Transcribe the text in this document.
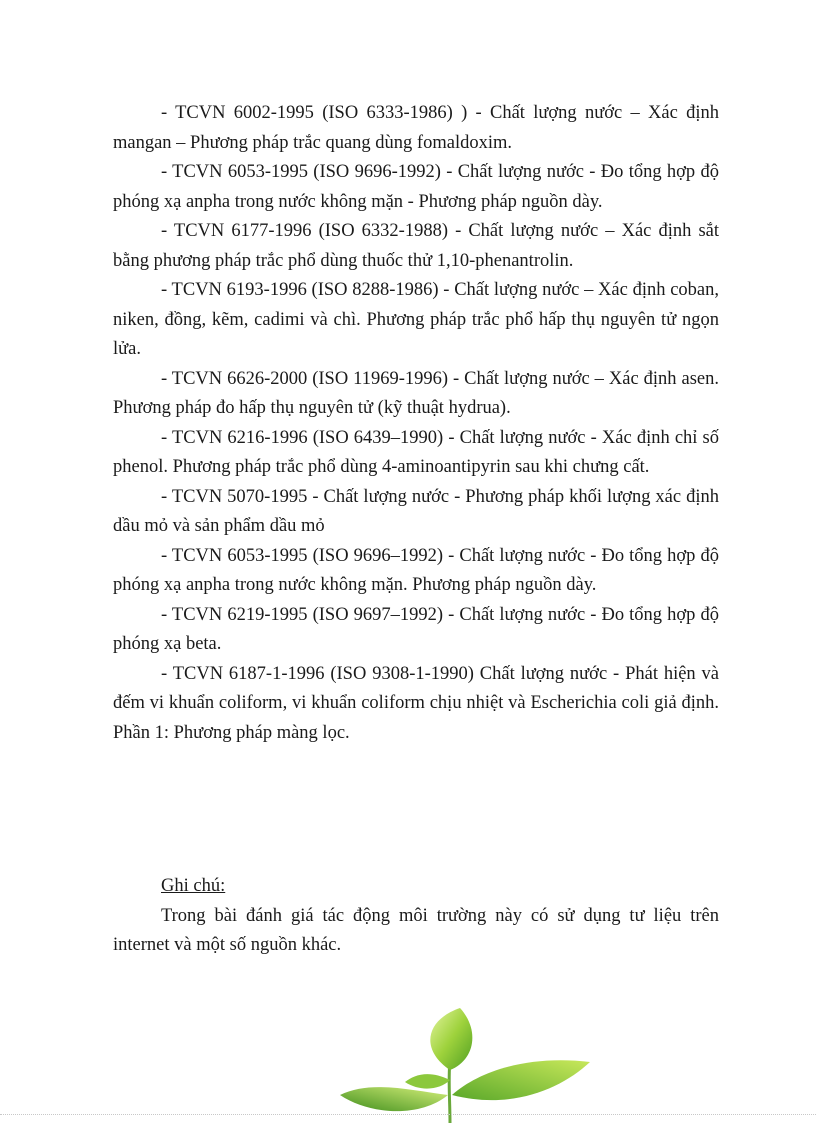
- TCVN 6002-1995 (ISO 6333-1986) ) - Chất lượng nước – Xác định mangan – Phương pháp trắc quang dùng fomaldoxim.

- TCVN 6053-1995 (ISO 9696-1992) - Chất lượng nước - Đo tổng hợp độ phóng xạ anpha trong nước không mặn - Phương pháp nguồn dày.

- TCVN 6177-1996 (ISO 6332-1988) - Chất lượng nước – Xác định sắt bằng phương pháp trắc phổ dùng thuốc thử 1,10-phenantrolin.

- TCVN 6193-1996 (ISO 8288-1986) - Chất lượng nước – Xác định coban, niken, đồng, kẽm, cadimi và chì. Phương pháp trắc phổ hấp thụ nguyên tử ngọn lửa.

- TCVN 6626-2000 (ISO 11969-1996) - Chất lượng nước – Xác định asen. Phương pháp đo hấp thụ nguyên tử (kỹ thuật hydrua).

- TCVN 6216-1996 (ISO 6439–1990) - Chất lượng nước - Xác định chỉ số phenol. Phương pháp trắc phổ dùng 4-aminoantipyrin sau khi chưng cất.

- TCVN 5070-1995 - Chất lượng nước - Phương pháp khối lượng xác định dầu mỏ và sản phẩm dầu mỏ

- TCVN 6053-1995 (ISO 9696–1992) - Chất lượng nước - Đo tổng hợp độ phóng xạ anpha trong nước không mặn. Phương pháp nguồn dày.

- TCVN 6219-1995 (ISO 9697–1992) - Chất lượng nước - Đo tổng hợp độ phóng xạ beta.

- TCVN 6187-1-1996 (ISO 9308-1-1990) Chất lượng nước - Phát hiện và đếm vi khuẩn coliform, vi khuẩn coliform chịu nhiệt và Escherichia coli giả định. Phần 1: Phương pháp màng lọc.

Ghi chú:

Trong bài đánh giá tác động môi trường này có sử dụng tư liệu trên internet và một số nguồn khác.
